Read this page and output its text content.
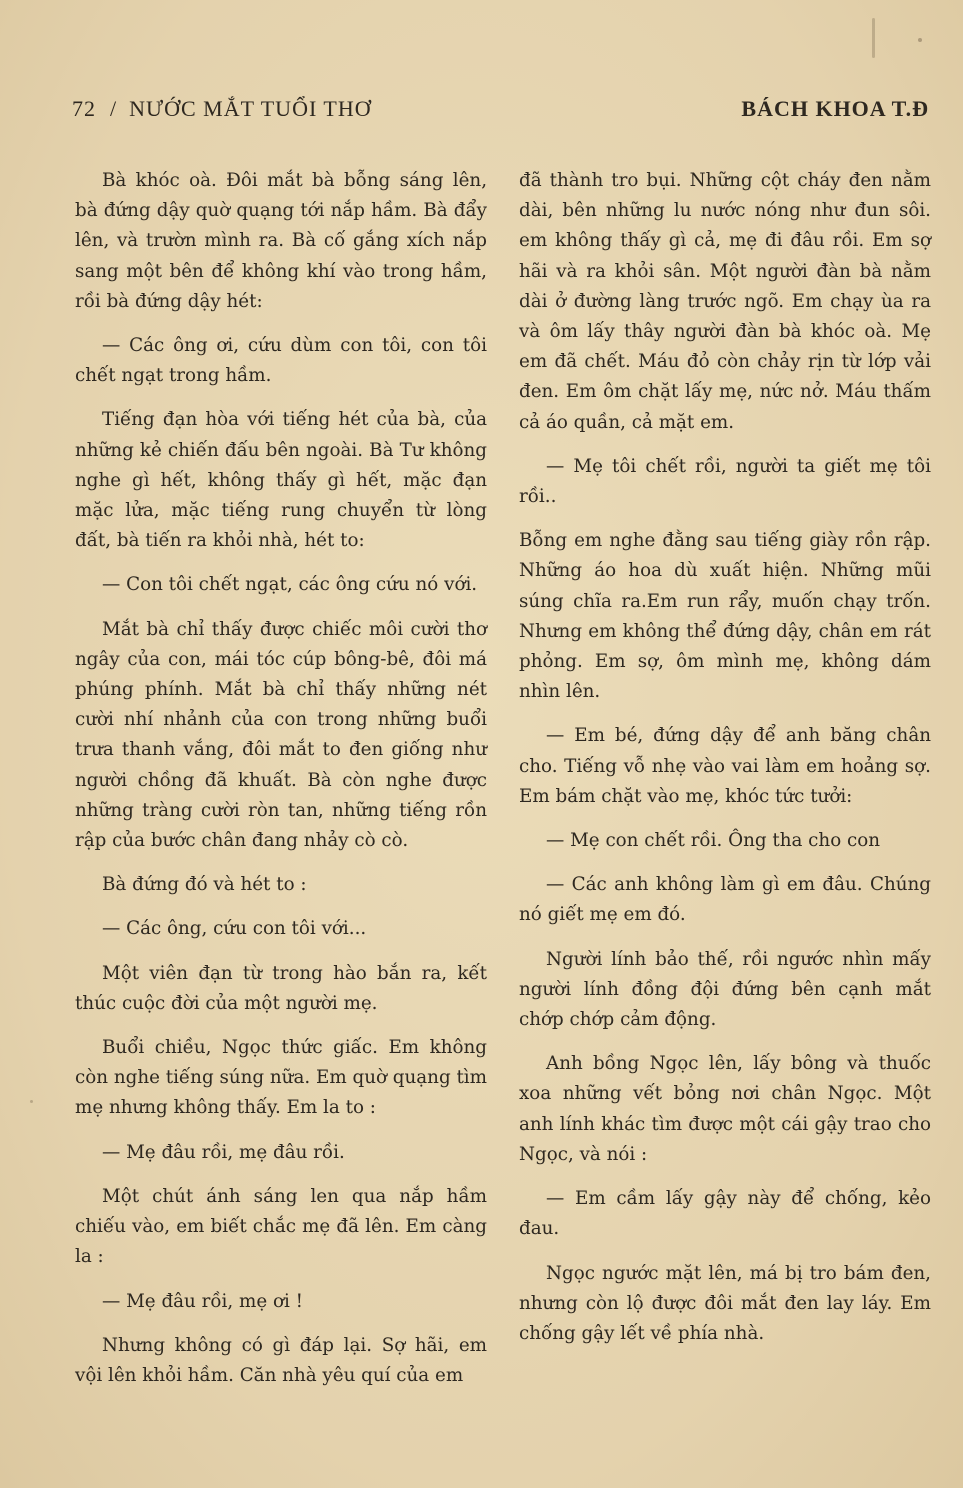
72 / NƯỚC MẮT TUỔI THƠ	BÁCH KHOA T.Đ

Bà khóc oà. Đôi mắt bà bỗng sáng lên, bà đứng dậy quờ quạng tới nắp hầm. Bà đẩy lên, và trườn mình ra. Bà cố gắng xích nắp sang một bên để không khí vào trong hầm, rồi bà đứng dậy hét:

— Các ông ơi, cứu dùm con tôi, con tôi chết ngạt trong hầm.

Tiếng đạn hòa với tiếng hét của bà, của những kẻ chiến đấu bên ngoài. Bà Tư không nghe gì hết, không thấy gì hết, mặc đạn mặc lửa, mặc tiếng rung chuyển từ lòng đất, bà tiến ra khỏi nhà, hét to:

— Con tôi chết ngạt, các ông cứu nó với.

Mắt bà chỉ thấy được chiếc môi cười thơ ngây của con, mái tóc cúp bông-bê, đôi má phúng phính. Mắt bà chỉ thấy những nét cười nhí nhảnh của con trong những buổi trưa thanh vắng, đôi mắt to đen giống như người chồng đã khuất. Bà còn nghe được những tràng cười ròn tan, những tiếng rồn rập của bước chân đang nhảy cò cò.

Bà đứng đó và hét to :

— Các ông, cứu con tôi với...

Một viên đạn từ trong hào bắn ra, kết thúc cuộc đời của một người mẹ.

Buổi chiều, Ngọc thức giấc. Em không còn nghe tiếng súng nữa. Em quờ quạng tìm mẹ nhưng không thấy. Em la to :

— Mẹ đâu rồi, mẹ đâu rồi.

Một chút ánh sáng len qua nắp hầm chiếu vào, em biết chắc mẹ đã lên. Em càng la :

— Mẹ đâu rồi, mẹ ơi !

Nhưng không có gì đáp lại. Sợ hãi, em vội lên khỏi hầm. Căn nhà yêu quí của em

đã thành tro bụi. Những cột cháy đen nằm dài, bên những lu nước nóng như đun sôi. em không thấy gì cả, mẹ đi đâu rồi. Em sợ hãi và ra khỏi sân. Một người đàn bà nằm dài ở đường làng trước ngõ. Em chạy ùa ra và ôm lấy thây người đàn bà khóc oà. Mẹ em đã chết. Máu đỏ còn chảy rịn từ lớp vải đen. Em ôm chặt lấy mẹ, nức nở. Máu thấm cả áo quần, cả mặt em.

— Mẹ tôi chết rồi, người ta giết mẹ tôi rồi..

Bỗng em nghe đằng sau tiếng giày rồn rập. Những áo hoa dù xuất hiện. Những mũi súng chĩa ra.Em run rẩy, muốn chạy trốn. Nhưng em không thể đứng dậy, chân em rát phỏng. Em sợ, ôm mình mẹ, không dám nhìn lên.

— Em bé, đứng dậy để anh băng chân cho. Tiếng vỗ nhẹ vào vai làm em hoảng sợ. Em bám chặt vào mẹ, khóc tức tưởi:

— Mẹ con chết rồi. Ông tha cho con

— Các anh không làm gì em đâu. Chúng nó giết mẹ em đó.

Người lính bảo thế, rồi ngước nhìn mấy người lính đồng đội đứng bên cạnh mắt chớp chớp cảm động.

Anh bồng Ngọc lên, lấy bông và thuốc xoa những vết bỏng nơi chân Ngọc. Một anh lính khác tìm được một cái gậy trao cho Ngọc, và nói :

— Em cầm lấy gậy này để chống, kẻo đau.

Ngọc ngước mặt lên, má bị tro bám đen, nhưng còn lộ được đôi mắt đen lay láy. Em chống gậy lết về phía nhà.
